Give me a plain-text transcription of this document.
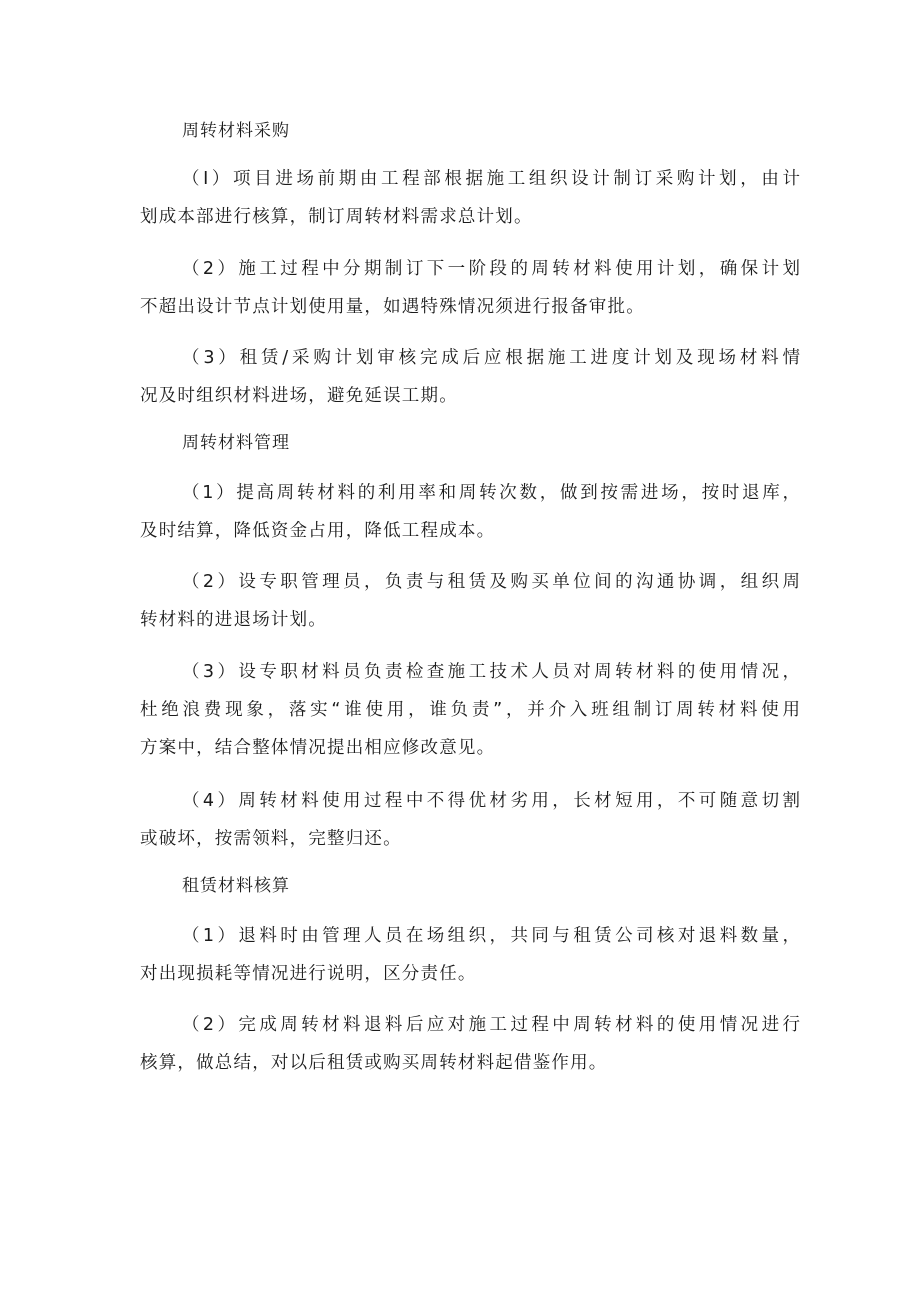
周转材料采购
（I）项目进场前期由工程部根据施工组织设计制订采购计划，由计
划成本部进行核算，制订周转材料需求总计划。
（2）施工过程中分期制订下一阶段的周转材料使用计划，确保计划
不超出设计节点计划使用量，如遇特殊情况须进行报备审批。
（3）租赁/采购计划审核完成后应根据施工进度计划及现场材料情
况及时组织材料进场，避免延误工期。
周转材料管理
（1）提高周转材料的利用率和周转次数，做到按需进场，按时退库，
及时结算，降低资金占用，降低工程成本。
（2）设专职管理员，负责与租赁及购买单位间的沟通协调，组织周
转材料的进退场计划。
（3）设专职材料员负责检查施工技术人员对周转材料的使用情况，
杜绝浪费现象，落实“谁使用，谁负责”，并介入班组制订周转材料使用
方案中，结合整体情况提出相应修改意见。
（4）周转材料使用过程中不得优材劣用，长材短用，不可随意切割
或破坏，按需领料，完整归还。
租赁材料核算
（1）退料时由管理人员在场组织，共同与租赁公司核对退料数量，
对出现损耗等情况进行说明，区分责任。
（2）完成周转材料退料后应对施工过程中周转材料的使用情况进行
核算，做总结，对以后租赁或购买周转材料起借鉴作用。
